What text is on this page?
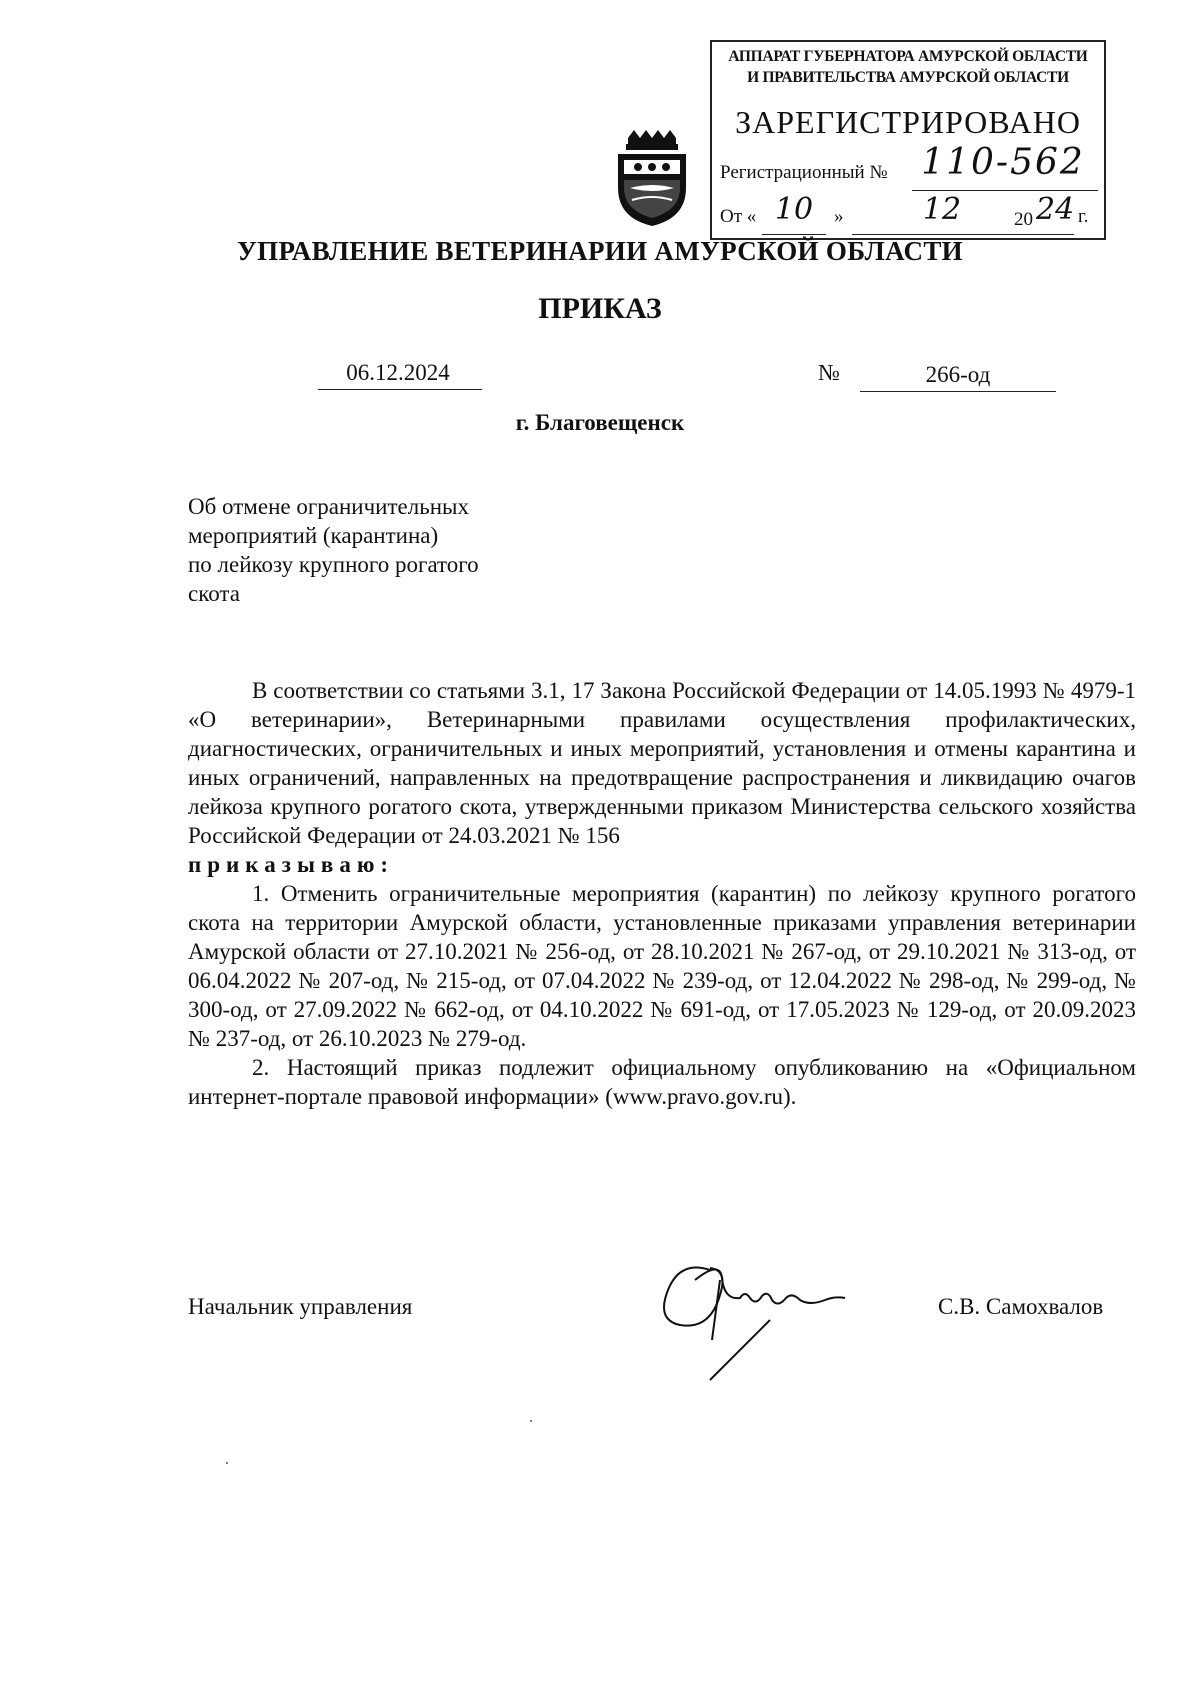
АППАРАТ ГУБЕРНАТОРА АМУРСКОЙ ОБЛАСТИ
И ПРАВИТЕЛЬСТВА АМУРСКОЙ ОБЛАСТИ
ЗАРЕГИСТРИРОВАНО
Регистрационный № 110-562
От « 10	»	12	20 24 г.
УПРАВЛЕНИЕ ВЕТЕРИНАРИИ АМУРСКОЙ ОБЛАСТИ
ПРИКАЗ
06.12.2024	№	266-од
г. Благовещенск
Об отмене ограничительных
мероприятий (карантина)
по лейкозу крупного рогатого
скота

В соответствии со статьями 3.1, 17 Закона Российской Федерации от 14.05.1993 № 4979-1 «О ветеринарии», Ветеринарными правилами осуществления профилактических, диагностических, ограничительных и иных мероприятий, установления и отмены карантина и иных ограничений, направленных на предотвращение распространения и ликвидацию очагов лейкоза крупного рогатого скота, утвержденными приказом Министерства сельского хозяйства Российской Федерации от 24.03.2021 № 156

приказываю:

1. Отменить ограничительные мероприятия (карантин) по лейкозу крупного рогатого скота на территории Амурской области, установленные приказами управления ветеринарии Амурской области от 27.10.2021 № 256-од, от 28.10.2021 № 267-од, от 29.10.2021 № 313-од, от 06.04.2022 № 207-од, № 215-од, от 07.04.2022 № 239-од, от 12.04.2022 № 298-од, № 299-од, № 300-од, от 27.09.2022 № 662-од, от 04.10.2022 № 691-од, от 17.05.2023 № 129-од, от 20.09.2023 № 237-од, от 26.10.2023 № 279-од.

2. Настоящий приказ подлежит официальному опубликованию на «Официальном интернет-портале правовой информации» (www.pravo.gov.ru).

Начальник управления	С.В. Самохвалов
